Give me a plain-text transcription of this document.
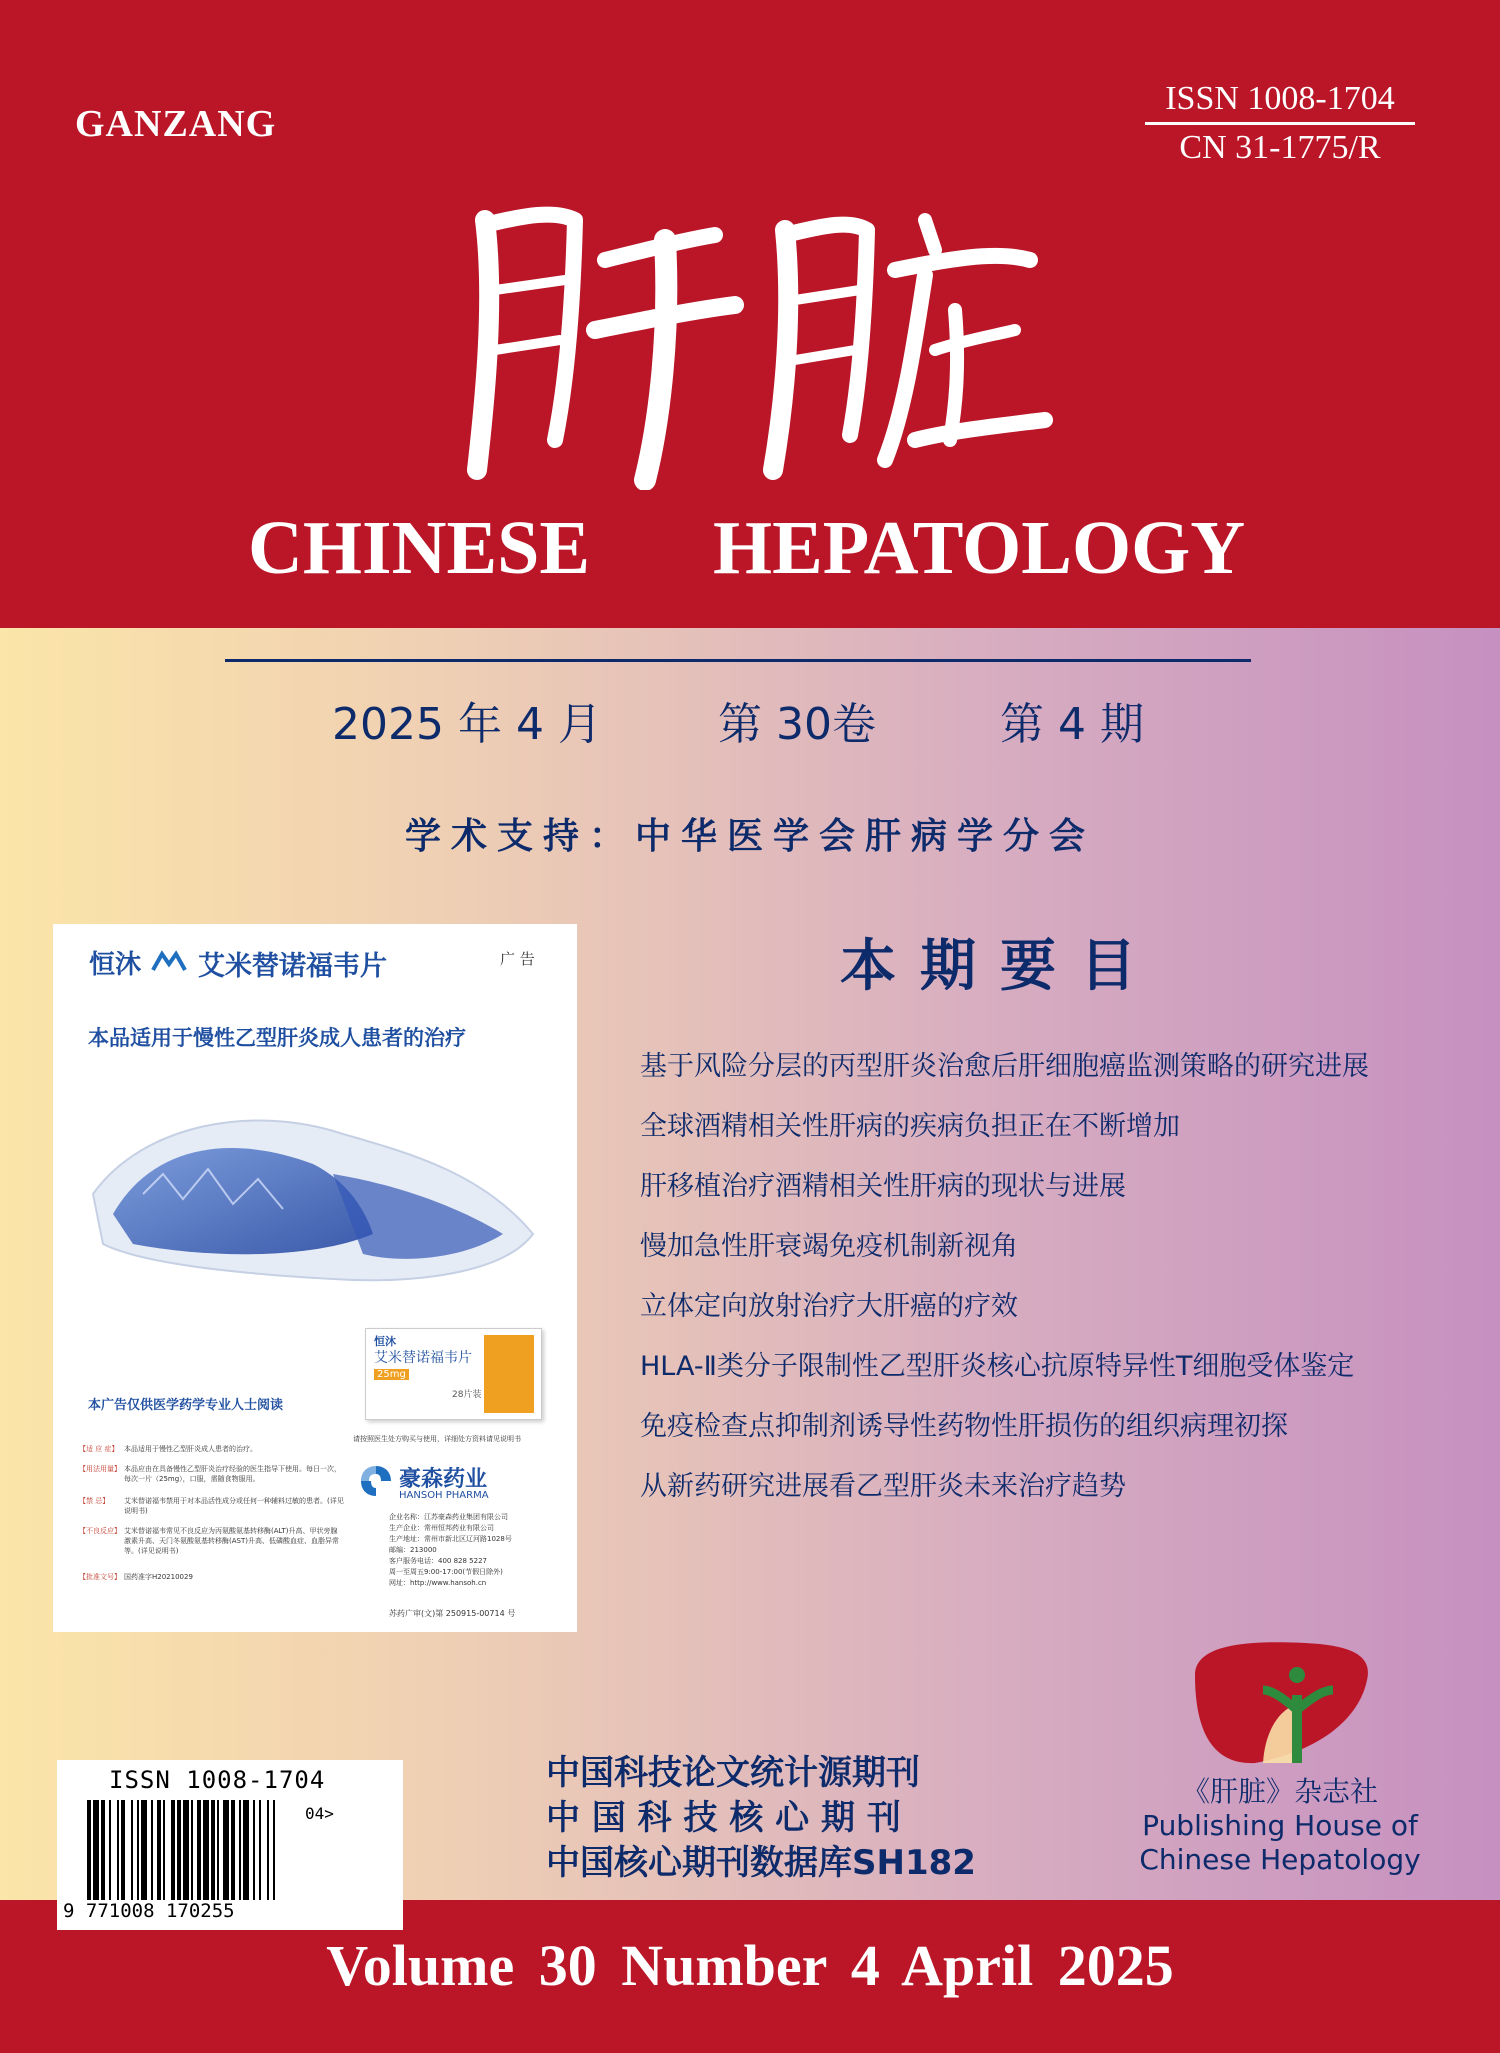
GANZANG
ISSN 1008-1704
CN 31-1775/R
CHINESE HEPATOLOGY
2025 年 4 月	第 30卷	第 4 期
学术支持：中华医学会肝病学分会
恒沐 艾米替诺福韦片	广 告
本品适用于慢性乙型肝炎成人患者的治疗
恒沐
艾米替诺福韦片
25mg
28片装
本广告仅供医学药学专业人士阅读
请按照医生处方购买与使用，详细处方资料请见说明书
【适 应 症】 本品适用于慢性乙型肝炎成人患者的治疗。
【用法用量】 本品应由在具备慢性乙型肝炎治疗经验的医生指导下使用。每日一次，每次一片（25mg），口服，需随食物服用。
【禁 忌】 艾米替诺福韦禁用于对本品活性成分或任何一种辅料过敏的患者。(详见说明书)
【不良反应】 艾米替诺福韦常见不良反应为丙氨酸氨基转移酶(ALT)升高、甲状旁腺激素升高、天门冬氨酸氨基转移酶(AST)升高、低磷酸血症、血脂异常等。(详见说明书)
【批准文号】 国药准字H20210029
豪森药业
HANSOH PHARMA
企业名称：江苏豪森药业集团有限公司
生产企业：常州恒邦药业有限公司
生产地址：常州市新北区辽河路1028号
邮编：213000
客户服务电话：400 828 5227
周一至周五9:00-17:00(节假日除外)
网址：http://www.hansoh.cn
苏药广审(文)第 250915-00714 号
本期要目
基于风险分层的丙型肝炎治愈后肝细胞癌监测策略的研究进展
全球酒精相关性肝病的疾病负担正在不断增加
肝移植治疗酒精相关性肝病的现状与进展
慢加急性肝衰竭免疫机制新视角
立体定向放射治疗大肝癌的疗效
HLA-Ⅱ类分子限制性乙型肝炎核心抗原特异性T细胞受体鉴定
免疫检查点抑制剂诱导性药物性肝损伤的组织病理初探
从新药研究进展看乙型肝炎未来治疗趋势
ISSN 1008-1704
04>
9 771008 170255
中国科技论文统计源期刊
中 国 科 技 核 心 期 刊
中国核心期刊数据库SH182
《肝脏》杂志社
Publishing House of
Chinese Hepatology
Volume 30 Number 4 April 2025
